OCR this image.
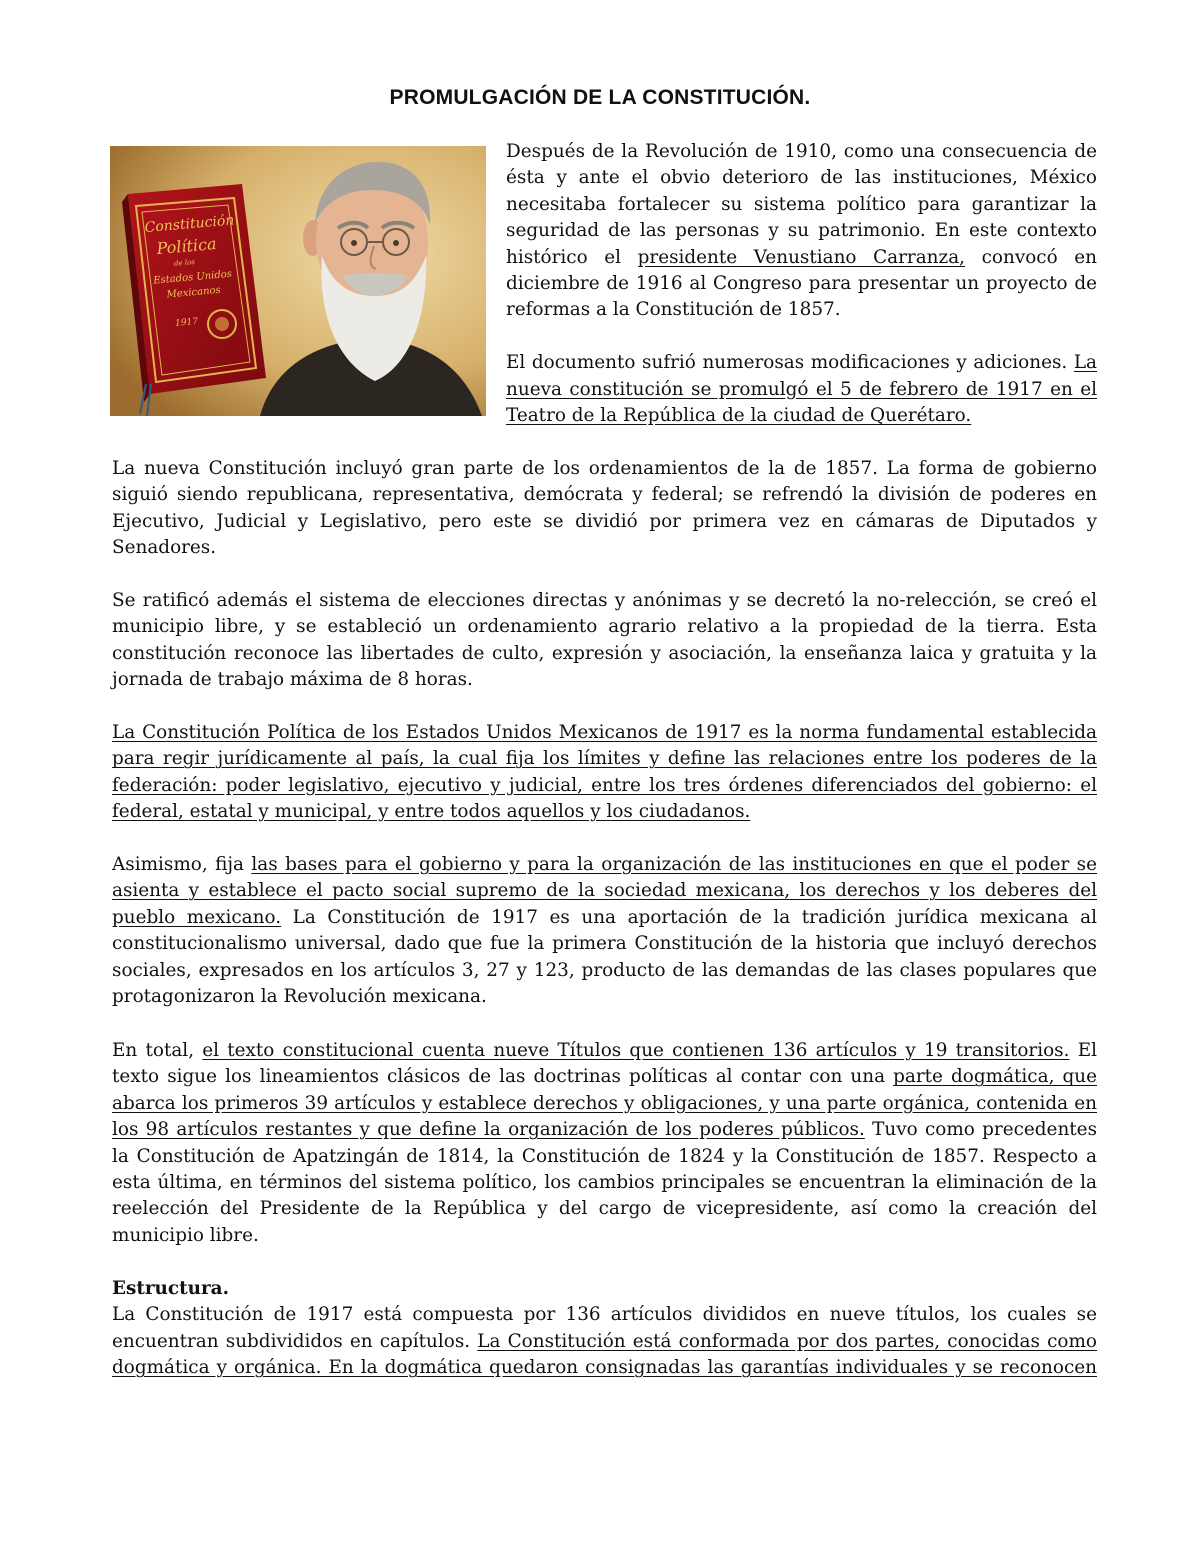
PROMULGACIÓN DE LA CONSTITUCIÓN.
Constitución
Política
de los
Estados Unidos
Mexicanos
1917

Después de la Revolución de 1910, como una consecuencia de ésta y ante el obvio deterioro de las instituciones, México necesitaba fortalecer su sistema político para garantizar la seguridad de las personas y su patrimonio. En este contexto histórico el presidente Venustiano Carranza, convocó en diciembre de 1916 al Congreso para presentar un proyecto de reformas a la Constitución de 1857.

El documento sufrió numerosas modificaciones y adiciones. La nueva constitución se promulgó el 5 de febrero de 1917 en el Teatro de la República de la ciudad de Querétaro.

La nueva Constitución incluyó gran parte de los ordenamientos de la de 1857. La forma de gobierno siguió siendo republicana, representativa, demócrata y federal; se refrendó la división de poderes en Ejecutivo, Judicial y Legislativo, pero este se dividió por primera vez en cámaras de Diputados y Senadores.

Se ratificó además el sistema de elecciones directas y anónimas y se decretó la no-relección, se creó el municipio libre, y se estableció un ordenamiento agrario relativo a la propiedad de la tierra. Esta constitución reconoce las libertades de culto, expresión y asociación, la enseñanza laica y gratuita y la jornada de trabajo máxima de 8 horas.

La Constitución Política de los Estados Unidos Mexicanos de 1917 es la norma fundamental establecida para regir jurídicamente al país, la cual fija los límites y define las relaciones entre los poderes de la federación: poder legislativo, ejecutivo y judicial, entre los tres órdenes diferenciados del gobierno: el federal, estatal y municipal, y entre todos aquellos y los ciudadanos.

Asimismo, fija las bases para el gobierno y para la organización de las instituciones en que el poder se asienta y establece el pacto social supremo de la sociedad mexicana, los derechos y los deberes del pueblo mexicano. La Constitución de 1917 es una aportación de la tradición jurídica mexicana al constitucionalismo universal, dado que fue la primera Constitución de la historia que incluyó derechos sociales, expresados en los artículos 3, 27 y 123, producto de las demandas de las clases populares que protagonizaron la Revolución mexicana.

En total, el texto constitucional cuenta nueve Títulos que contienen 136 artículos y 19 transitorios. El texto sigue los lineamientos clásicos de las doctrinas políticas al contar con una parte dogmática, que abarca los primeros 39 artículos y establece derechos y obligaciones, y una parte orgánica, contenida en los 98 artículos restantes y que define la organización de los poderes públicos. Tuvo como precedentes la Constitución de Apatzingán de 1814, la Constitución de 1824 y la Constitución de 1857. Respecto a esta última, en términos del sistema político, los cambios principales se encuentran la eliminación de la reelección del Presidente de la República y del cargo de vicepresidente, así como la creación del municipio libre.

Estructura.

La Constitución de 1917 está compuesta por 136 artículos divididos en nueve títulos, los cuales se encuentran subdivididos en capítulos. La Constitución está conformada por dos partes, conocidas como dogmática y orgánica. En la dogmática quedaron consignadas las garantías individuales y se reconocen
